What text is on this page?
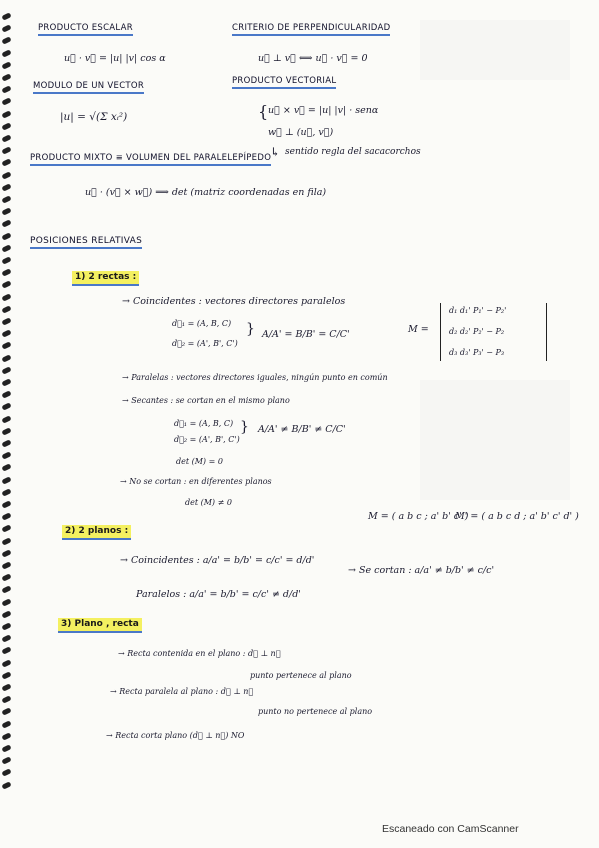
PRODUCTO ESCALAR
u⃗ · v⃗ = |u| |v| cos α
CRITERIO DE PERPENDICULARIDAD
u⃗ ⊥ v⃗ ⟺ u⃗ · v⃗ = 0
MODULO DE UN VECTOR
|u| = √(Σ xᵢ²)
PRODUCTO VECTORIAL
{ u⃗ × v⃗ = |u| |v| · senα
w⃗ ⊥ (u⃗, v⃗)
↳ sentido regla del sacacorchos
PRODUCTO MIXTO ≡ VOLUMEN DEL PARALELEPÍPEDO
u⃗ · (v⃗ × w⃗) ⟹ det (matriz coordenadas en fila)
POSICIONES RELATIVAS
1) 2 rectas :
→ Coincidentes : vectores directores paralelos
d⃗₁ = (A, B, C)
d⃗₂ = (A', B', C')
} A/A' = B/B' = C/C'	M =
d₁ d₁' P₁' − P₂'
d₂ d₂' P₂' − P₂
d₃ d₃' P₃' − P₃
→ Paralelas : vectores directores iguales, ningún punto en común
→ Secantes : se cortan en el mismo plano
d⃗₁ = (A, B, C)
d⃗₂ = (A', B', C')
} A/A' ≠ B/B' ≠ C/C'
det (M) = 0
→ No se cortan : en diferentes planos
det (M) ≠ 0
M = ( a b c ; a' b' c' )
M' = ( a b c d ; a' b' c' d' )
2) 2 planos :
→ Coincidentes : a/a' = b/b' = c/c' = d/d'
Paralelos : a/a' = b/b' = c/c' ≠ d/d'
→ Se cortan : a/a' ≠ b/b' ≠ c/c'
3) Plano , recta
→ Recta contenida en el plano : d⃗ ⊥ n⃗
punto pertenece al plano
→ Recta paralela al plano : d⃗ ⊥ n⃗
punto no pertenece al plano
→ Recta corta plano (d⃗ ⊥ n⃗) NO
Escaneado con CamScanner
